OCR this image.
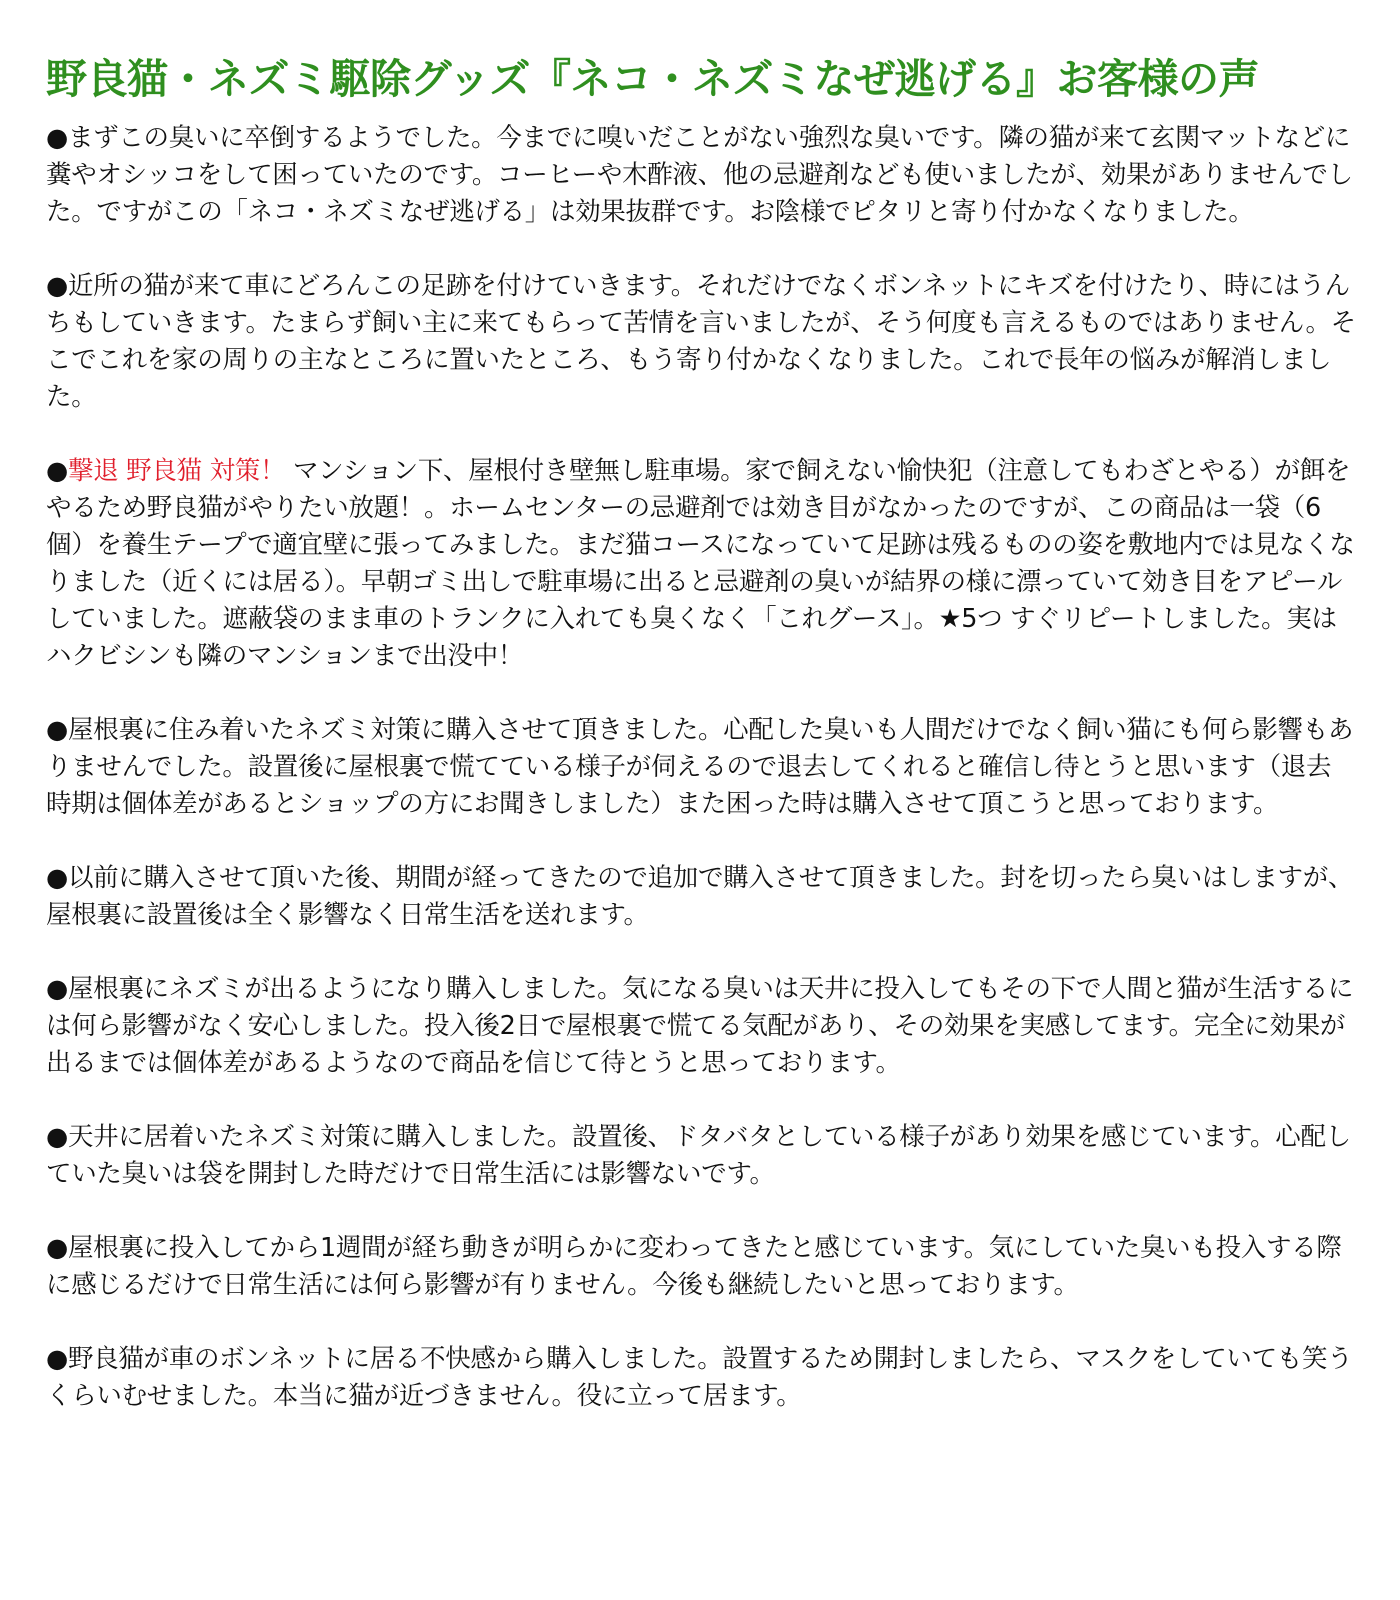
野良猫・ネズミ駆除グッズ『ネコ・ネズミなぜ逃げる』お客様の声

●まずこの臭いに卒倒するようでした。今までに嗅いだことがない強烈な臭いです。隣の猫が来て玄関マットなどに糞やオシッコをして困っていたのです。コーヒーや木酢液、他の忌避剤なども使いましたが、効果がありませんでした。ですがこの「ネコ・ネズミなぜ逃げる」は効果抜群です。お陰様でピタリと寄り付かなくなりました。

●近所の猫が来て車にどろんこの足跡を付けていきます。それだけでなくボンネットにキズを付けたり、時にはうんちもしていきます。たまらず飼い主に来てもらって苦情を言いましたが、そう何度も言えるものではありません。そこでこれを家の周りの主なところに置いたところ、もう寄り付かなくなりました。これで長年の悩みが解消しました。

●撃退 野良猫 対策！ マンション下、屋根付き壁無し駐車場。家で飼えない愉快犯（注意してもわざとやる）が餌をやるため野良猫がやりたい放題！。ホームセンターの忌避剤では効き目がなかったのですが、この商品は一袋（6個）を養生テープで適宜壁に張ってみました。まだ猫コースになっていて足跡は残るものの姿を敷地内では見なくなりました（近くには居る）。早朝ゴミ出しで駐車場に出ると忌避剤の臭いが結界の様に漂っていて効き目をアピールしていました。遮蔽袋のまま車のトランクに入れても臭くなく「これグース」。★5つ すぐリピートしました。実はハクビシンも隣のマンションまで出没中！

●屋根裏に住み着いたネズミ対策に購入させて頂きました。心配した臭いも人間だけでなく飼い猫にも何ら影響もありませんでした。設置後に屋根裏で慌てている様子が伺えるので退去してくれると確信し待とうと思います（退去時期は個体差があるとショップの方にお聞きしました）また困った時は購入させて頂こうと思っております。

●以前に購入させて頂いた後、期間が経ってきたので追加で購入させて頂きました。封を切ったら臭いはしますが、屋根裏に設置後は全く影響なく日常生活を送れます。

●屋根裏にネズミが出るようになり購入しました。気になる臭いは天井に投入してもその下で人間と猫が生活するには何ら影響がなく安心しました。投入後2日で屋根裏で慌てる気配があり、その効果を実感してます。完全に効果が出るまでは個体差があるようなので商品を信じて待とうと思っております。

●天井に居着いたネズミ対策に購入しました。設置後、ドタバタとしている様子があり効果を感じています。心配していた臭いは袋を開封した時だけで日常生活には影響ないです。

●屋根裏に投入してから1週間が経ち動きが明らかに変わってきたと感じています。気にしていた臭いも投入する際に感じるだけで日常生活には何ら影響が有りません。今後も継続したいと思っております。

●野良猫が車のボンネットに居る不快感から購入しました。設置するため開封しましたら、マスクをしていても笑うくらいむせました。本当に猫が近づきません。役に立って居ます。
